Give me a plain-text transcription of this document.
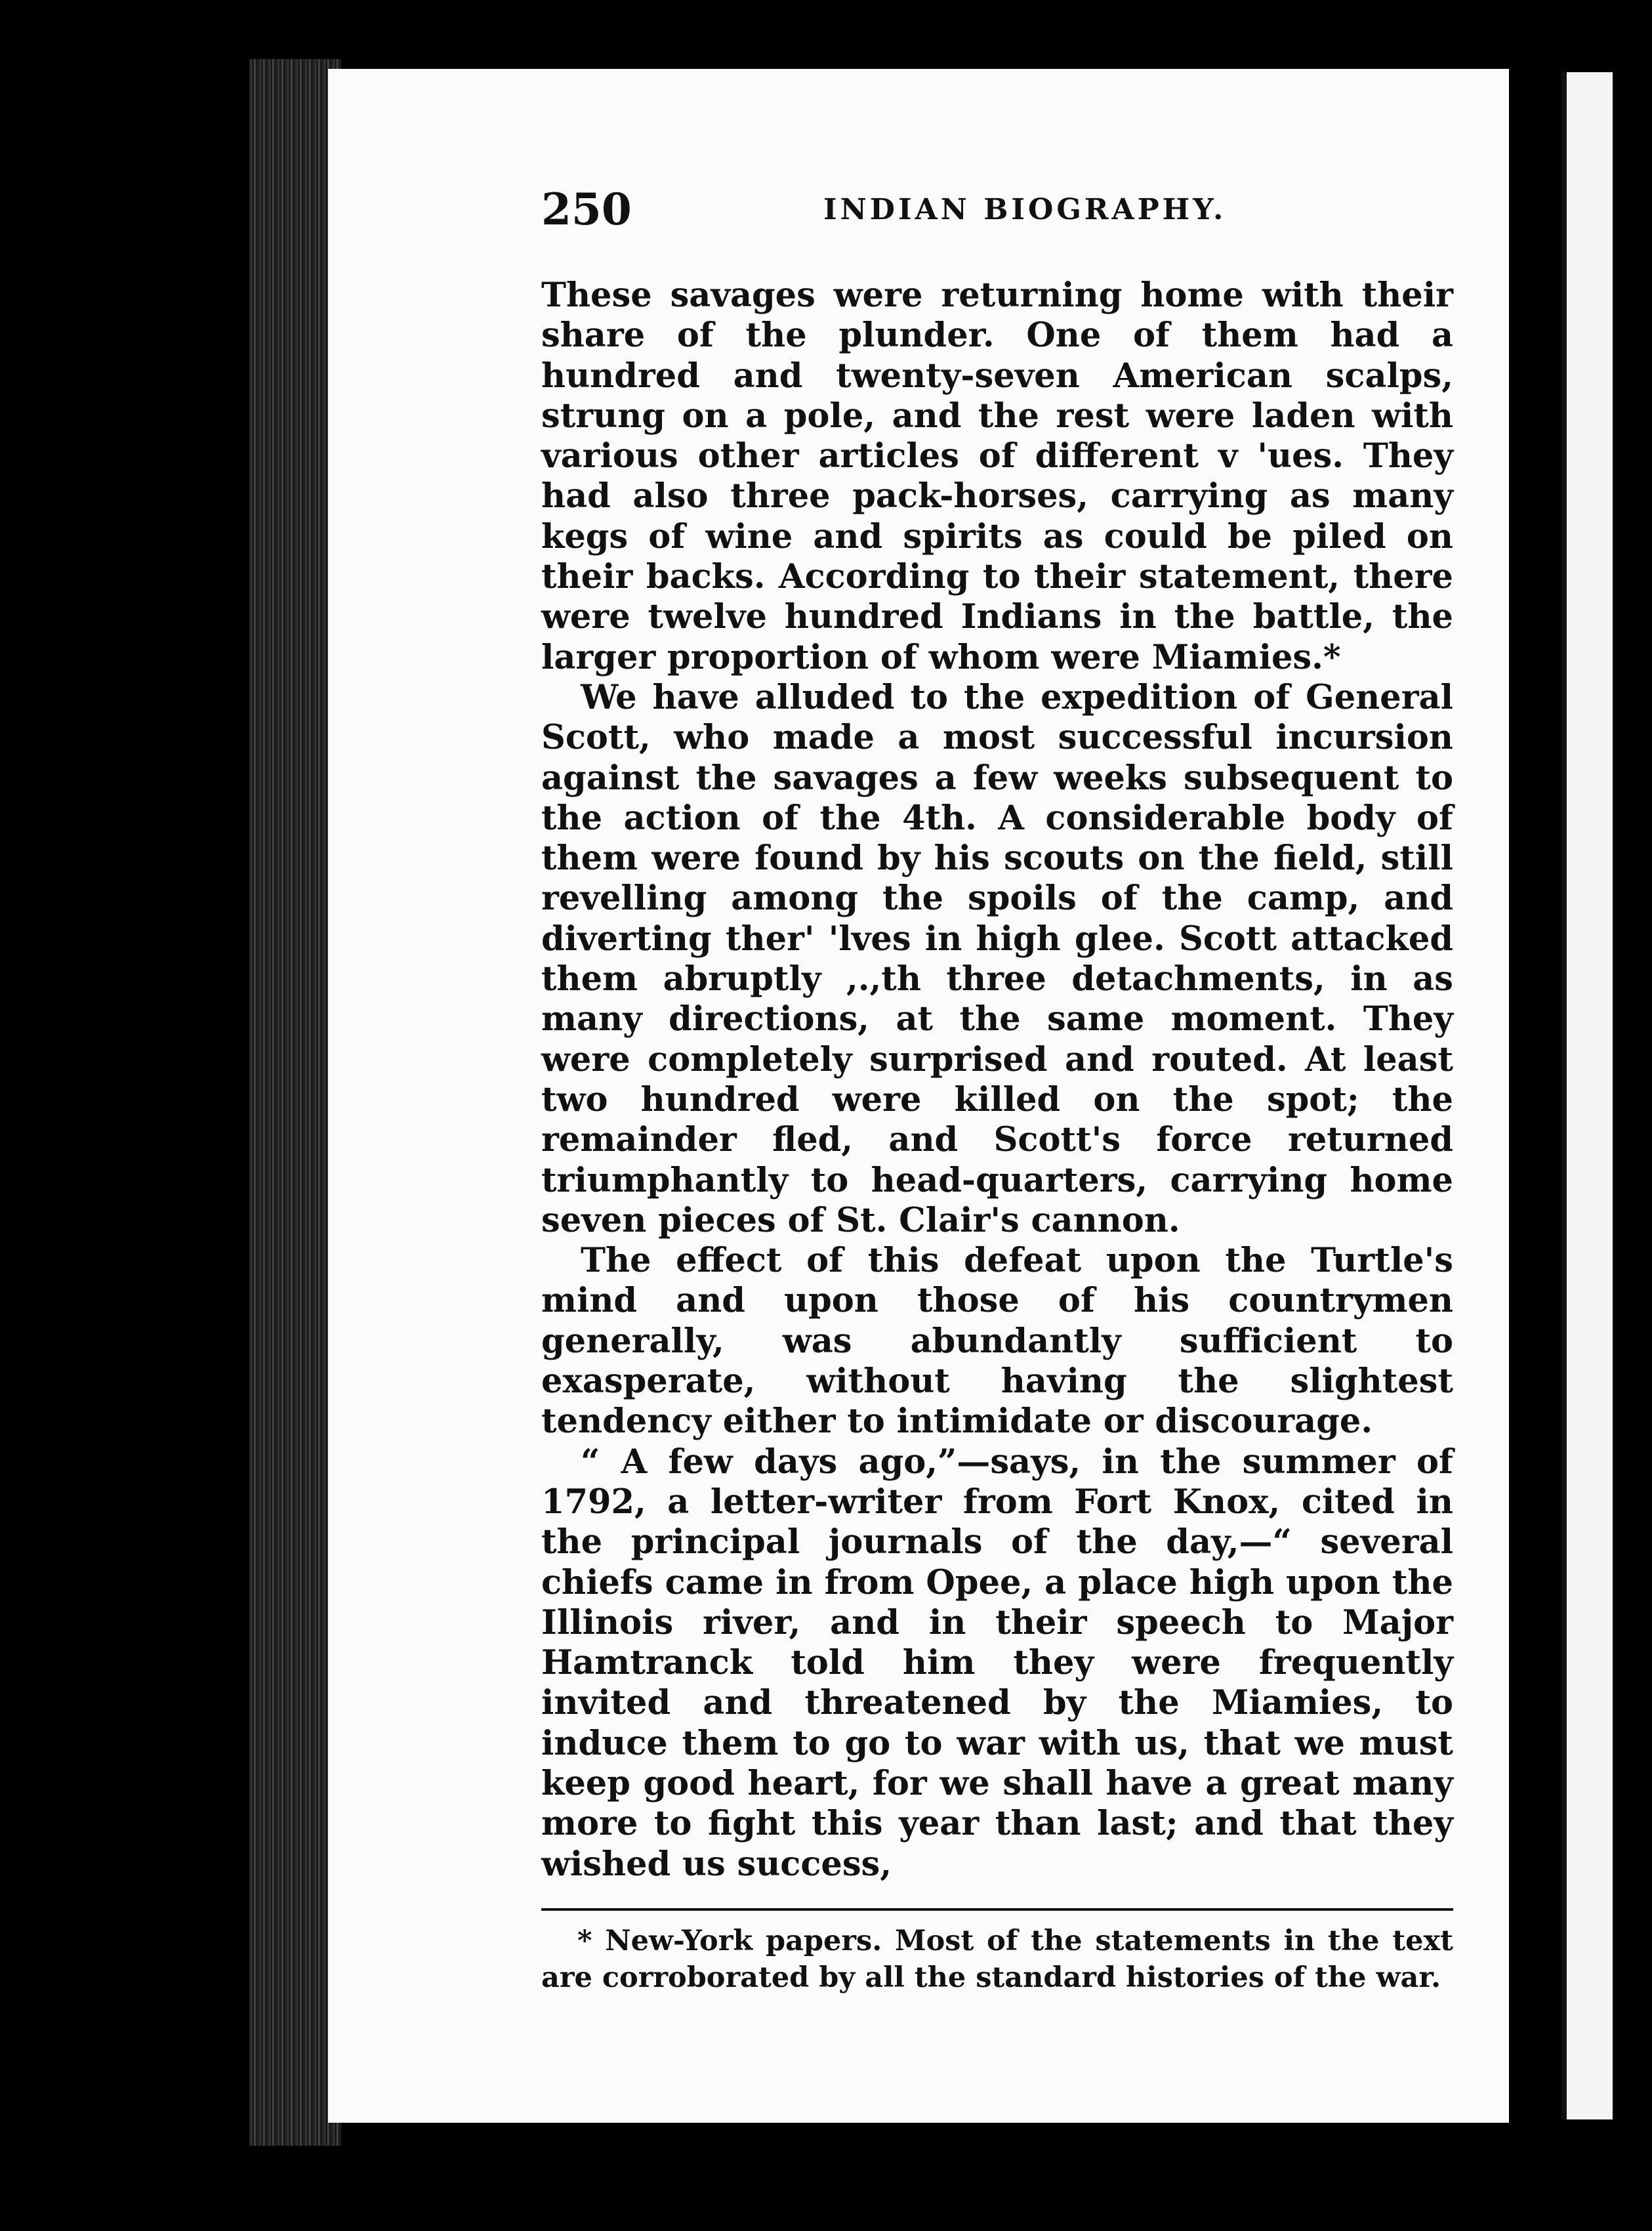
250	INDIAN BIOGRAPHY.

These savages were returning home with their share of the plunder. One of them had a hundred and twenty-seven American scalps, strung on a pole, and the rest were laden with various other articles of different v 'ues. They had also three pack-horses, carrying as many kegs of wine and spirits as could be piled on their backs. According to their statement, there were twelve hundred Indians in the battle, the larger proportion of whom were Miamies.*

We have alluded to the expedition of General Scott, who made a most successful incursion against the savages a few weeks subsequent to the action of the 4th. A considerable body of them were found by his scouts on the field, still revelling among the spoils of the camp, and diverting ther' 'lves in high glee. Scott attacked them abruptly ,.,th three detachments, in as many directions, at the same moment. They were completely surprised and routed. At least two hundred were killed on the spot; the remainder fled, and Scott's force returned triumphantly to head-quarters, carrying home seven pieces of St. Clair's cannon.

The effect of this defeat upon the Turtle's mind and upon those of his countrymen generally, was abundantly sufficient to exasperate, without having the slightest tendency either to intimidate or discourage.

“ A few days ago,”—says, in the summer of 1792, a letter-writer from Fort Knox, cited in the principal journals of the day,—“ several chiefs came in from Opee, a place high upon the Illinois river, and in their speech to Major Hamtranck told him they were frequently invited and threatened by the Miamies, to induce them to go to war with us, that we must keep good heart, for we shall have a great many more to fight this year than last; and that they wished us success,

* New-York papers. Most of the statements in the text are corroborated by all the standard histories of the war.
